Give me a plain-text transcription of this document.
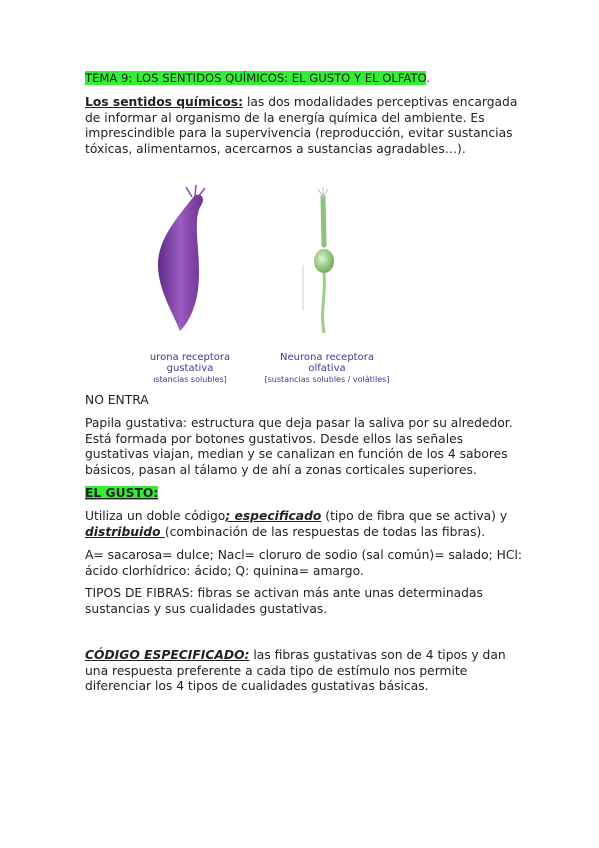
TEMA 9: LOS SENTIDOS QUÍMICOS: EL GUSTO Y EL OLFATO.

Los sentidos químicos: las dos modalidades perceptivas encargada de informar al organismo de la energía química del ambiente. Es imprescindible para la supervivencia (reproducción, evitar sustancias tóxicas, alimentarnos, acercarnos a sustancias agradables…).

urona receptora
gustativa
ıstancias solubles]
Neurona receptora
olfativa
[sustancias solubles / volátiles]

NO ENTRA

Papila gustativa: estructura que deja pasar la saliva por su alrededor. Está formada por botones gustativos. Desde ellos las señales gustativas viajan, median y se canalizan en función de los 4 sabores básicos, pasan al tálamo y de ahí a zonas corticales superiores.

EL GUSTO:

Utiliza un doble código; especificado (tipo de fibra que se activa) y distribuido (combinación de las respuestas de todas las fibras).

A= sacarosa= dulce; Nacl= cloruro de sodio (sal común)= salado; HCl: ácido clorhídrico: ácido; Q: quinina= amargo.

TIPOS DE FIBRAS: fibras se activan más ante unas determinadas sustancias y sus cualidades gustativas.

CÓDIGO ESPECIFICADO: las fibras gustativas son de 4 tipos y dan una respuesta preferente a cada tipo de estímulo nos permite diferenciar los 4 tipos de cualidades gustativas básicas.
